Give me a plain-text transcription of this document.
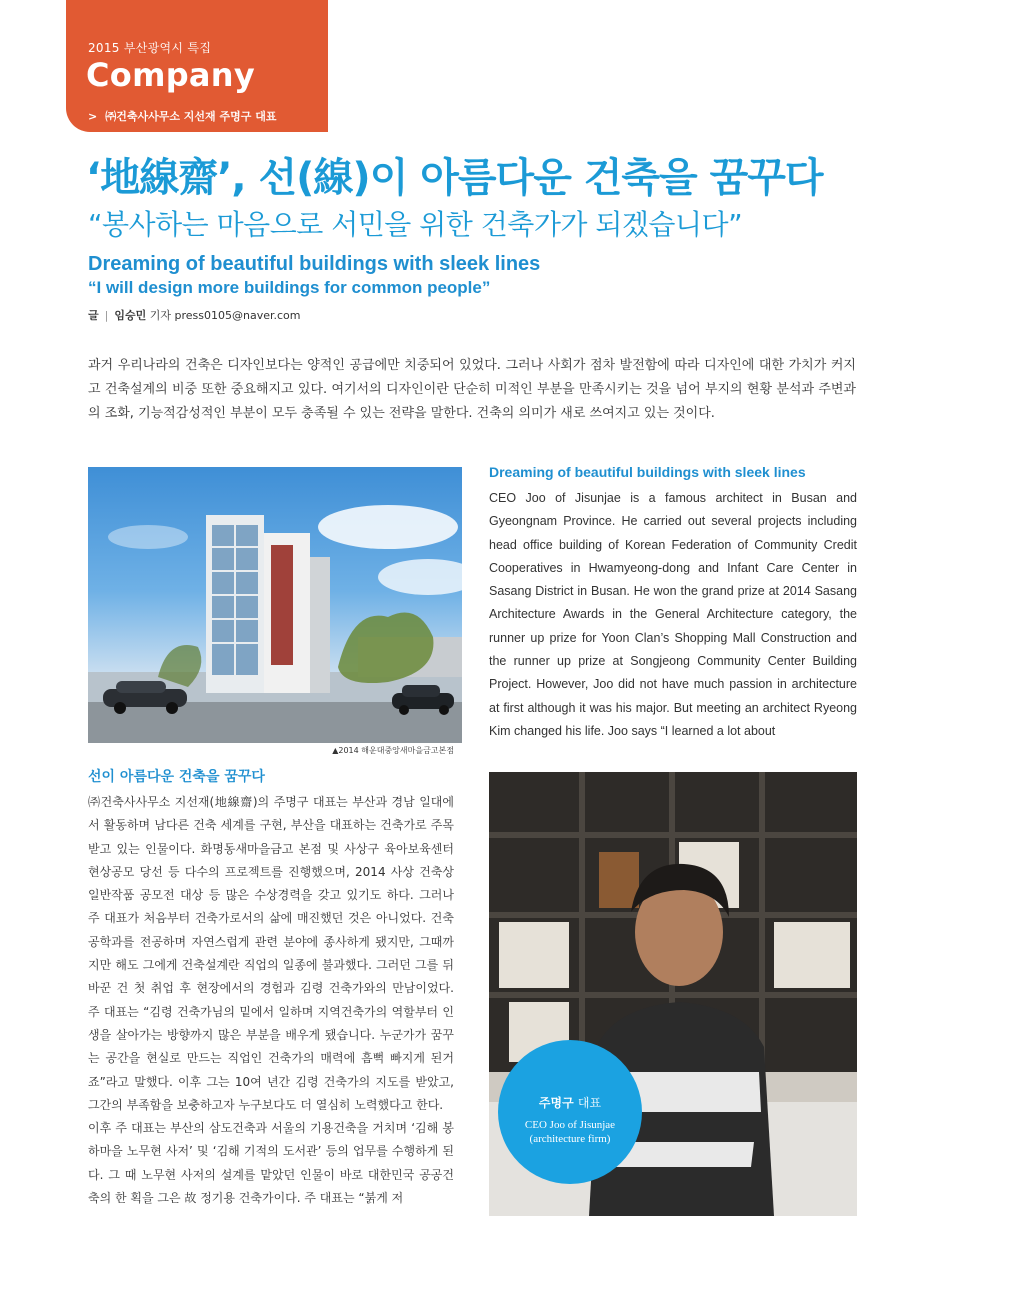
2015 부산광역시 특집
Company
> ㈜건축사사무소 지선재 주명구 대표
‘地線齋’, 선(線)이 아름다운 건축을 꿈꾸다
“봉사하는 마음으로 서민을 위한 건축가가 되겠습니다”
Dreaming of beautiful buildings with sleek lines
“I will design more buildings for common people”
글 | 임승민 기자 press0105@naver.com

과거 우리나라의 건축은 디자인보다는 양적인 공급에만 치중되어 있었다. 그러나 사회가 점차 발전함에 따라 디자인에 대한 가치가 커지고 건축설계의 비중 또한 중요해지고 있다. 여기서의 디자인이란 단순히 미적인 부분을 만족시키는 것을 넘어 부지의 현황 분석과 주변과의 조화, 기능적감성적인 부분이 모두 충족될 수 있는 전략을 말한다. 건축의 의미가 새로 쓰여지고 있는 것이다.

▲2014 해운대중앙새마을금고본점
선이 아름다운 건축을 꿈꾸다

㈜건축사사무소 지선재(地線齋)의 주명구 대표는 부산과 경남 일대에서 활동하며 남다른 건축 세계를 구현, 부산을 대표하는 건축가로 주목받고 있는 인물이다. 화명동새마을금고 본점 및 사상구 육아보육센터 현상공모 당선 등 다수의 프로젝트를 진행했으며, 2014 사상 건축상 일반작품 공모전 대상 등 많은 수상경력을 갖고 있기도 하다. 그러나 주 대표가 처음부터 건축가로서의 삶에 매진했던 것은 아니었다. 건축공학과를 전공하며 자연스럽게 관련 분야에 종사하게 됐지만, 그때까지만 해도 그에게 건축설계란 직업의 일종에 불과했다. 그러던 그를 뒤바꾼 건 첫 취업 후 현장에서의 경험과 김령 건축가와의 만남이었다. 주 대표는 “김령 건축가님의 밑에서 일하며 지역건축가의 역할부터 인생을 살아가는 방향까지 많은 부분을 배우게 됐습니다. 누군가가 꿈꾸는 공간을 현실로 만드는 직업인 건축가의 매력에 흠뻑 빠지게 된거죠”라고 말했다. 이후 그는 10여 년간 김령 건축가의 지도를 받았고, 그간의 부족함을 보충하고자 누구보다도 더 열심히 노력했다고 한다.

이후 주 대표는 부산의 삼도건축과 서울의 기용건축을 거치며 ‘김해 봉하마을 노무현 사저’ 및 ‘김해 기적의 도서관’ 등의 업무를 수행하게 된다. 그 때 노무현 사저의 설계를 맡았던 인물이 바로 대한민국 공공건축의 한 획을 그은 故 정기용 건축가이다. 주 대표는 “붉게 저

Dreaming of beautiful buildings with sleek lines

CEO Joo of Jisunjae is a famous architect in Busan and Gyeongnam Province. He carried out several projects including head office building of Korean Federation of Community Credit Cooperatives in Hwamyeong-dong and Infant Care Center in Sasang District in Busan. He won the grand prize at 2014 Sasang Architecture Awards in the General Architecture category, the runner up prize for Yoon Clan’s Shopping Mall Construction and the runner up prize at Songjeong Community Center Building Project. However, Joo did not have much passion in architecture at first although it was his major. But meeting an architect Ryeong Kim changed his life. Joo says “I learned a lot about

주명구 대표
CEO Joo of Jisunjae
(architecture firm)
